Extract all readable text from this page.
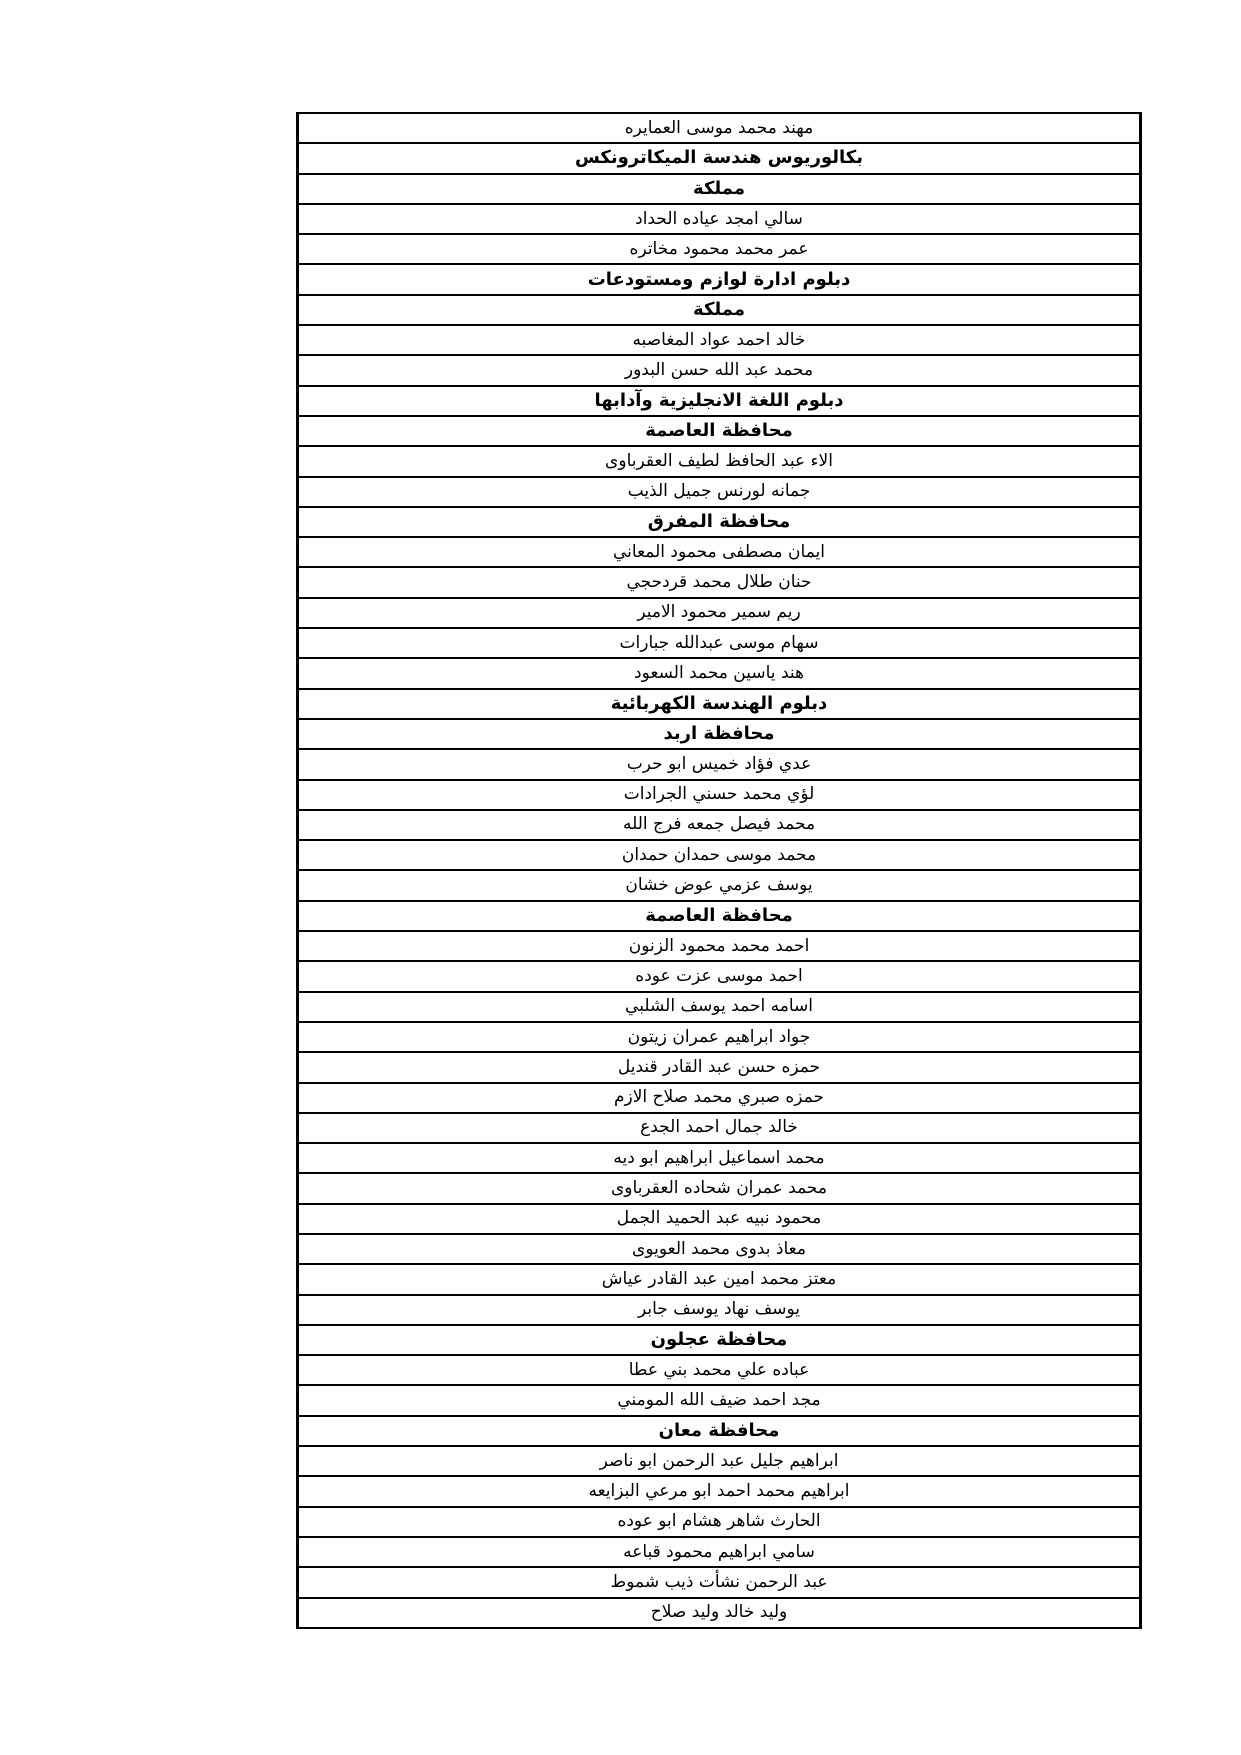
مهند محمد موسى العمايره
بكالوريوس هندسة الميكاترونكس
مملكة
سالي امجد عياده الحداد
عمر محمد محمود مخاتره
دبلوم ادارة لوازم ومستودعات
مملكة
خالد احمد عواد المغاصبه
محمد عبد الله حسن البدور
دبلوم اللغة الانجليزية وآدابها
محافظة العاصمة
الاء عبد الحافظ لطيف العقرباوى
جمانه لورنس جميل الذيب
محافظة المفرق
ايمان مصطفى محمود المعاني
حنان طلال محمد قردحجي
ريم سمير محمود الامير
سهام موسى عبدالله جبارات
هند ياسين محمد السعود
دبلوم الهندسة الكهربائية
محافظة اربد
عدي فؤاد خميس ابو حرب
لؤي محمد حسني الجرادات
محمد فيصل جمعه فرج الله
محمد موسى حمدان حمدان
يوسف عزمي عوض خشان
محافظة العاصمة
احمد محمد محمود الزنون
احمد موسى عزت عوده
اسامه احمد يوسف الشلبي
جواد ابراهيم عمران زيتون
حمزه حسن عبد القادر قنديل
حمزه صبري محمد صلاح الازم
خالد جمال احمد الجدع
محمد اسماعيل ابراهيم ابو ديه
محمد عمران شحاده العقرباوى
محمود نبيه عبد الحميد الجمل
معاذ بدوى محمد العويوى
معتز محمد امين عبد القادر عياش
يوسف نهاد يوسف جابر
محافظة عجلون
عباده علي محمد بني عطا
مجد احمد ضيف الله المومني
محافظة معان
ابراهيم جليل عبد الرحمن ابو ناصر
ابراهيم محمد احمد ابو مرعي البزايعه
الحارث شاهر هشام ابو عوده
سامي ابراهيم محمود قباعه
عبد الرحمن نشأت ذيب شموط
وليد خالد وليد صلاح
